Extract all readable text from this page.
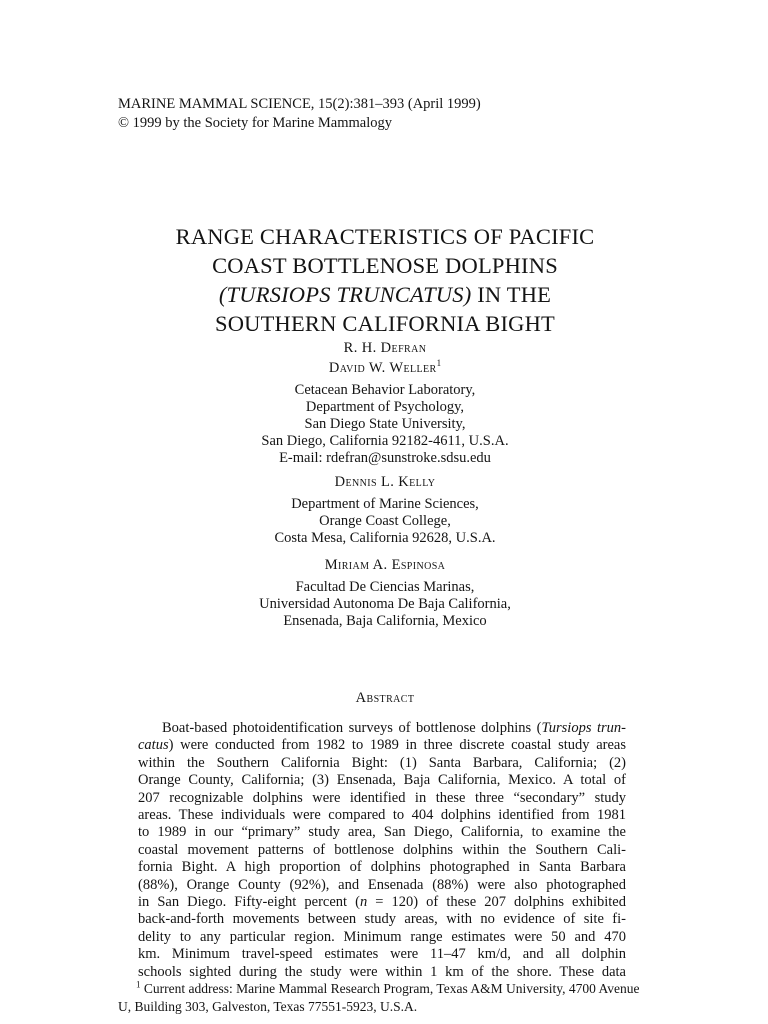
MARINE MAMMAL SCIENCE, 15(2):381–393 (April 1999)
© 1999 by the Society for Marine Mammalogy
RANGE CHARACTERISTICS OF PACIFIC
COAST BOTTLENOSE DOLPHINS
(TURSIOPS TRUNCATUS) IN THE
SOUTHERN CALIFORNIA BIGHT
R. H. Defran
David W. Weller$^1$
Cetacean Behavior Laboratory,
Department of Psychology,
San Diego State University,
San Diego, California 92182-4611, U.S.A.
E-mail: rdefran@sunstroke.sdsu.edu
Dennis L. Kelly
Department of Marine Sciences,
Orange Coast College,
Costa Mesa, California 92628, U.S.A.
Miriam A. Espinosa
Facultad De Ciencias Marinas,
Universidad Autonoma De Baja California,
Ensenada, Baja California, Mexico
Abstract
Boat-based photoidentification surveys of bottlenose dolphins (Tursiops trun-
catus) were conducted from 1982 to 1989 in three discrete coastal study areas
within the Southern California Bight: (1) Santa Barbara, California; (2)
Orange County, California; (3) Ensenada, Baja California, Mexico. A total of
207 recognizable dolphins were identified in these three “secondary” study
areas. These individuals were compared to 404 dolphins identified from 1981
to 1989 in our “primary” study area, San Diego, California, to examine the
coastal movement patterns of bottlenose dolphins within the Southern Cali-
fornia Bight. A high proportion of dolphins photographed in Santa Barbara
(88%), Orange County (92%), and Ensenada (88%) were also photographed
in San Diego. Fifty-eight percent (n = 120) of these 207 dolphins exhibited
back-and-forth movements between study areas, with no evidence of site fi-
delity to any particular region. Minimum range estimates were 50 and 470
km. Minimum travel-speed estimates were 11–47 km/d, and all dolphin
schools sighted during the study were within 1 km of the shore. These data
$^1$ Current address: Marine Mammal Research Program, Texas A&M University, 4700 Avenue
U, Building 303, Galveston, Texas 77551-5923, U.S.A.
